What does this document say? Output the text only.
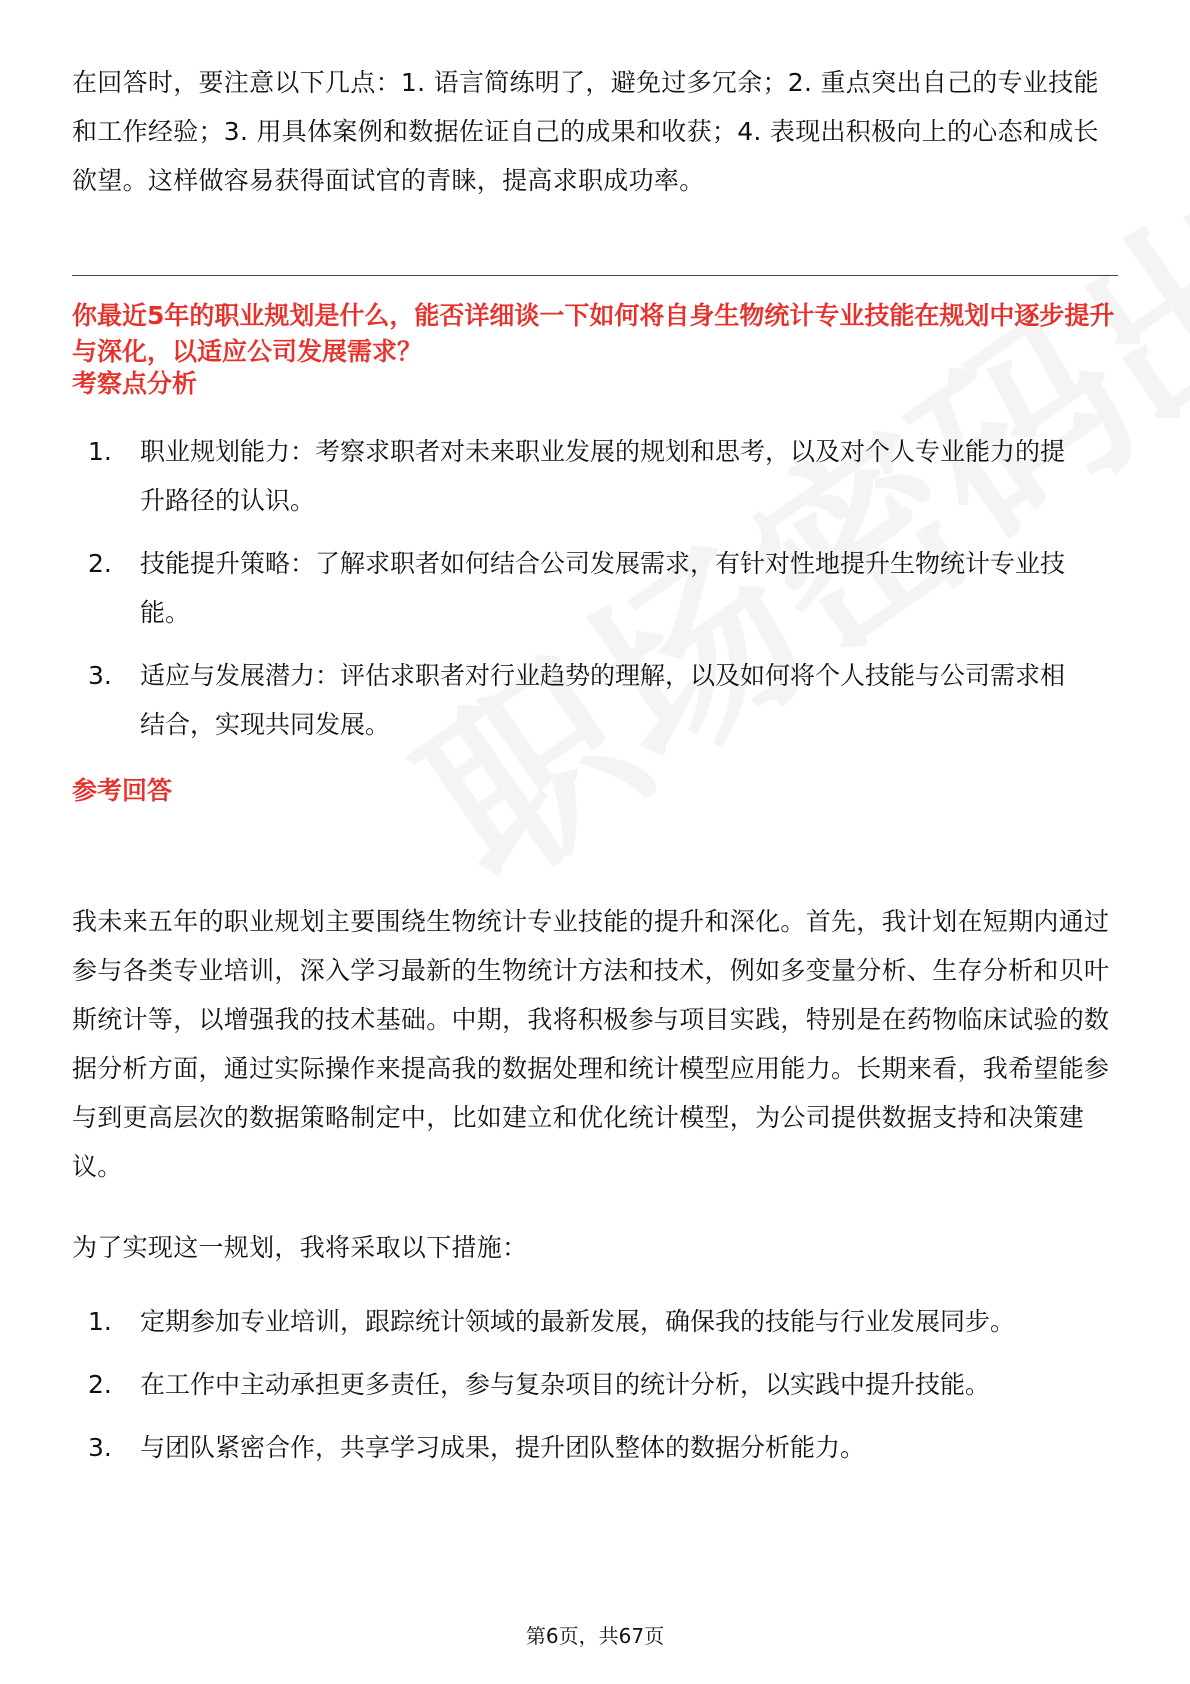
在回答时，要注意以下几点：1. 语言简练明了，避免过多冗余；2. 重点突出自己的专业技能和工作经验；3. 用具体案例和数据佐证自己的成果和收获；4. 表现出积极向上的心态和成长欲望。这样做容易获得面试官的青睐，提高求职成功率。

你最近5年的职业规划是什么，能否详细谈一下如何将自身生物统计专业技能在规划中逐步提升与深化，以适应公司发展需求？

考察点分析

1.	职业规划能力：考察求职者对未来职业发展的规划和思考，以及对个人专业能力的提升路径的认识。
2.	技能提升策略：了解求职者如何结合公司发展需求，有针对性地提升生物统计专业技能。
3.	适应与发展潜力：评估求职者对行业趋势的理解，以及如何将个人技能与公司需求相结合，实现共同发展。

参考回答

我未来五年的职业规划主要围绕生物统计专业技能的提升和深化。首先，我计划在短期内通过参与各类专业培训，深入学习最新的生物统计方法和技术，例如多变量分析、生存分析和贝叶斯统计等，以增强我的技术基础。中期，我将积极参与项目实践，特别是在药物临床试验的数据分析方面，通过实际操作来提高我的数据处理和统计模型应用能力。长期来看，我希望能参与到更高层次的数据策略制定中，比如建立和优化统计模型，为公司提供数据支持和决策建议。

为了实现这一规划，我将采取以下措施：

1.	定期参加专业培训，跟踪统计领域的最新发展，确保我的技能与行业发展同步。
2.	在工作中主动承担更多责任，参与复杂项目的统计分析，以实践中提升技能。
3.	与团队紧密合作，共享学习成果，提升团队整体的数据分析能力。
第6页，共67页
